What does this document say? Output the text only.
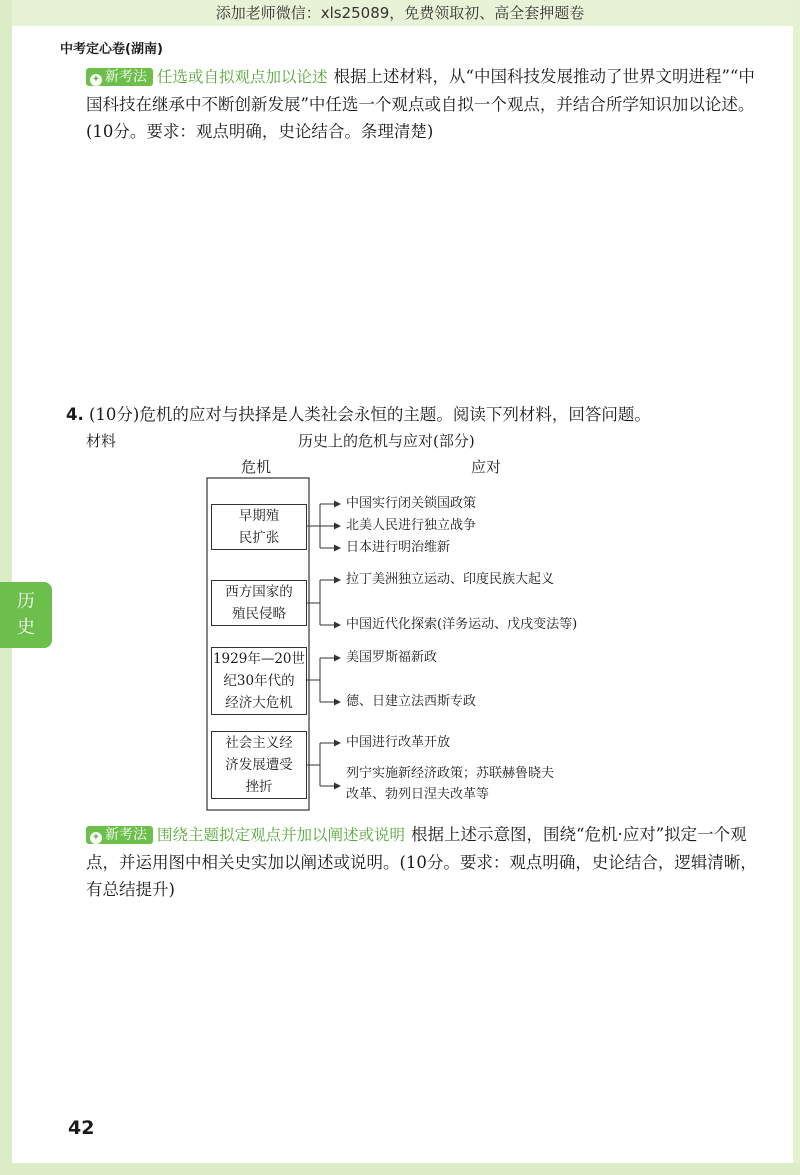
添加老师微信：xls25089，免费领取初、高全套押题卷
中考定心卷(湖南)
✦ 新考法 任选或自拟观点加以论述 根据上述材料，从“中国科技发展推动了世界文明进程”“中国科技在继承中不断创新发展”中任选一个观点或自拟一个观点，并结合所学知识加以论述。(10分。要求：观点明确，史论结合。条理清楚)
4. (10分)危机的应对与抉择是人类社会永恒的主题。阅读下列材料，回答问题。
材料	历史上的危机与应对(部分)
危机	应对
早期殖
民扩张
西方国家的
殖民侵略
1929年—20世
纪30年代的
经济大危机
社会主义经
济发展遭受
挫折
中国实行闭关锁国政策
北美人民进行独立战争
日本进行明治维新
拉丁美洲独立运动、印度民族大起义
中国近代化探索(洋务运动、戊戌变法等)
美国罗斯福新政
德、日建立法西斯专政
中国进行改革开放
列宁实施新经济政策；苏联赫鲁晓夫
改革、勃列日涅夫改革等
✦ 新考法 围绕主题拟定观点并加以阐述或说明 根据上述示意图，围绕“危机·应对”拟定一个观点，并运用图中相关史实加以阐述或说明。(10分。要求：观点明确，史论结合，逻辑清晰，有总结提升)
历
史
42
